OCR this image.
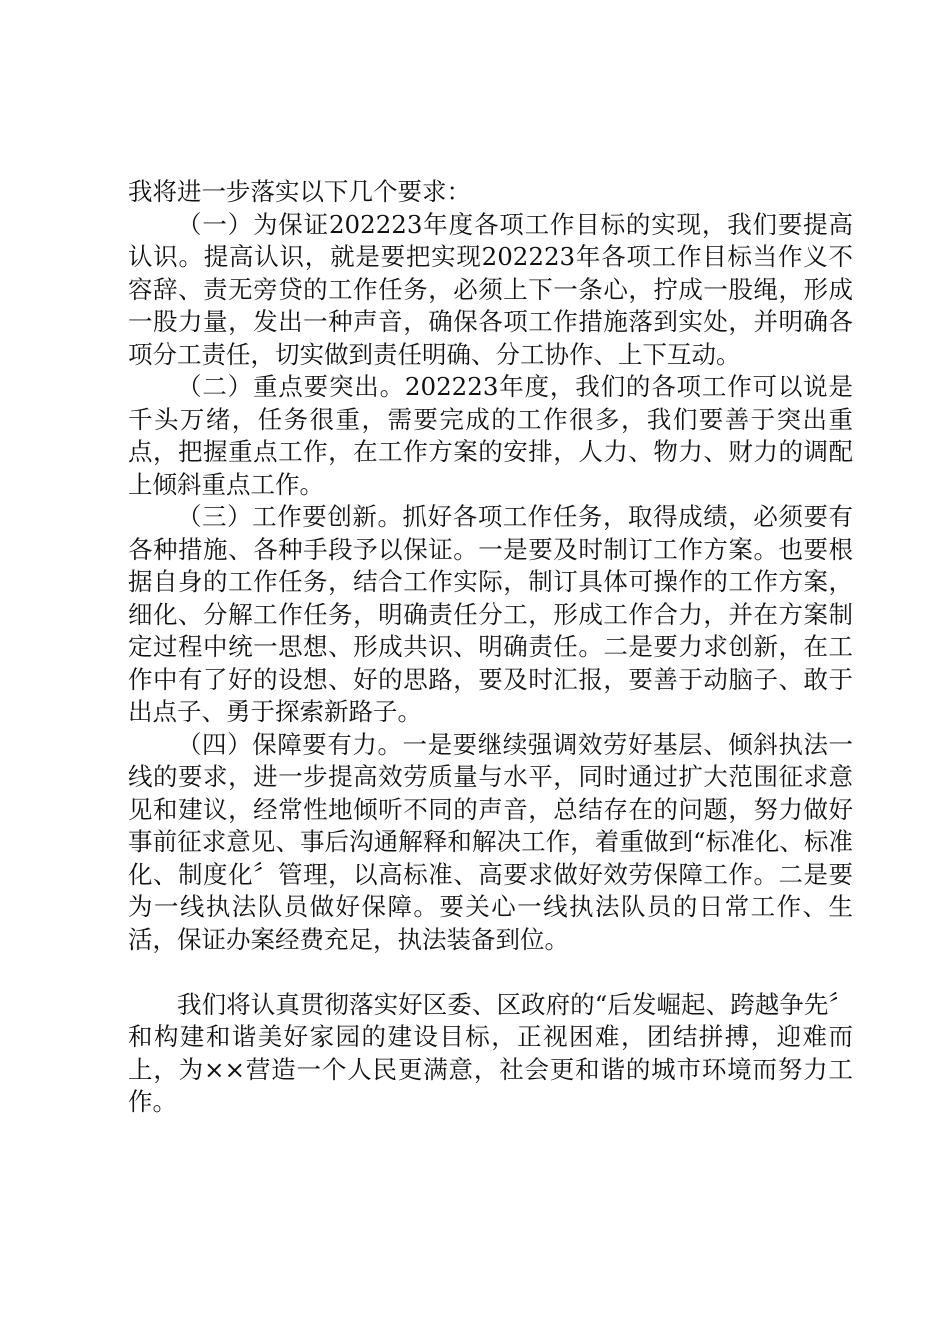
我将进一步落实以下几个要求：

（一）为保证202223年度各项工作目标的实现，我们要提高认识。提高认识，就是要把实现202223年各项工作目标当作义不容辞、责无旁贷的工作任务，必须上下一条心，拧成一股绳，形成一股力量，发出一种声音，确保各项工作措施落到实处，并明确各项分工责任，切实做到责任明确、分工协作、上下互动。

（二）重点要突出。202223年度，我们的各项工作可以说是千头万绪，任务很重，需要完成的工作很多，我们要善于突出重点，把握重点工作，在工作方案的安排，人力、物力、财力的调配上倾斜重点工作。

（三）工作要创新。抓好各项工作任务，取得成绩，必须要有各种措施、各种手段予以保证。一是要及时制订工作方案。也要根据自身的工作任务，结合工作实际，制订具体可操作的工作方案，细化、分解工作任务，明确责任分工，形成工作合力，并在方案制定过程中统一思想、形成共识、明确责任。二是要力求创新，在工作中有了好的设想、好的思路，要及时汇报，要善于动脑子、敢于出点子、勇于探索新路子。

（四）保障要有力。一是要继续强调效劳好基层、倾斜执法一线的要求，进一步提高效劳质量与水平，同时通过扩大范围征求意见和建议，经常性地倾听不同的声音，总结存在的问题，努力做好事前征求意见、事后沟通解释和解决工作，着重做到“标准化、标准化、制度化〞管理，以高标准、高要求做好效劳保障工作。二是要为一线执法队员做好保障。要关心一线执法队员的日常工作、生活，保证办案经费充足，执法装备到位。

我们将认真贯彻落实好区委、区政府的“后发崛起、跨越争先〞和构建和谐美好家园的建设目标，正视困难，团结拼搏，迎难而上，为××营造一个人民更满意，社会更和谐的城市环境而努力工作。
